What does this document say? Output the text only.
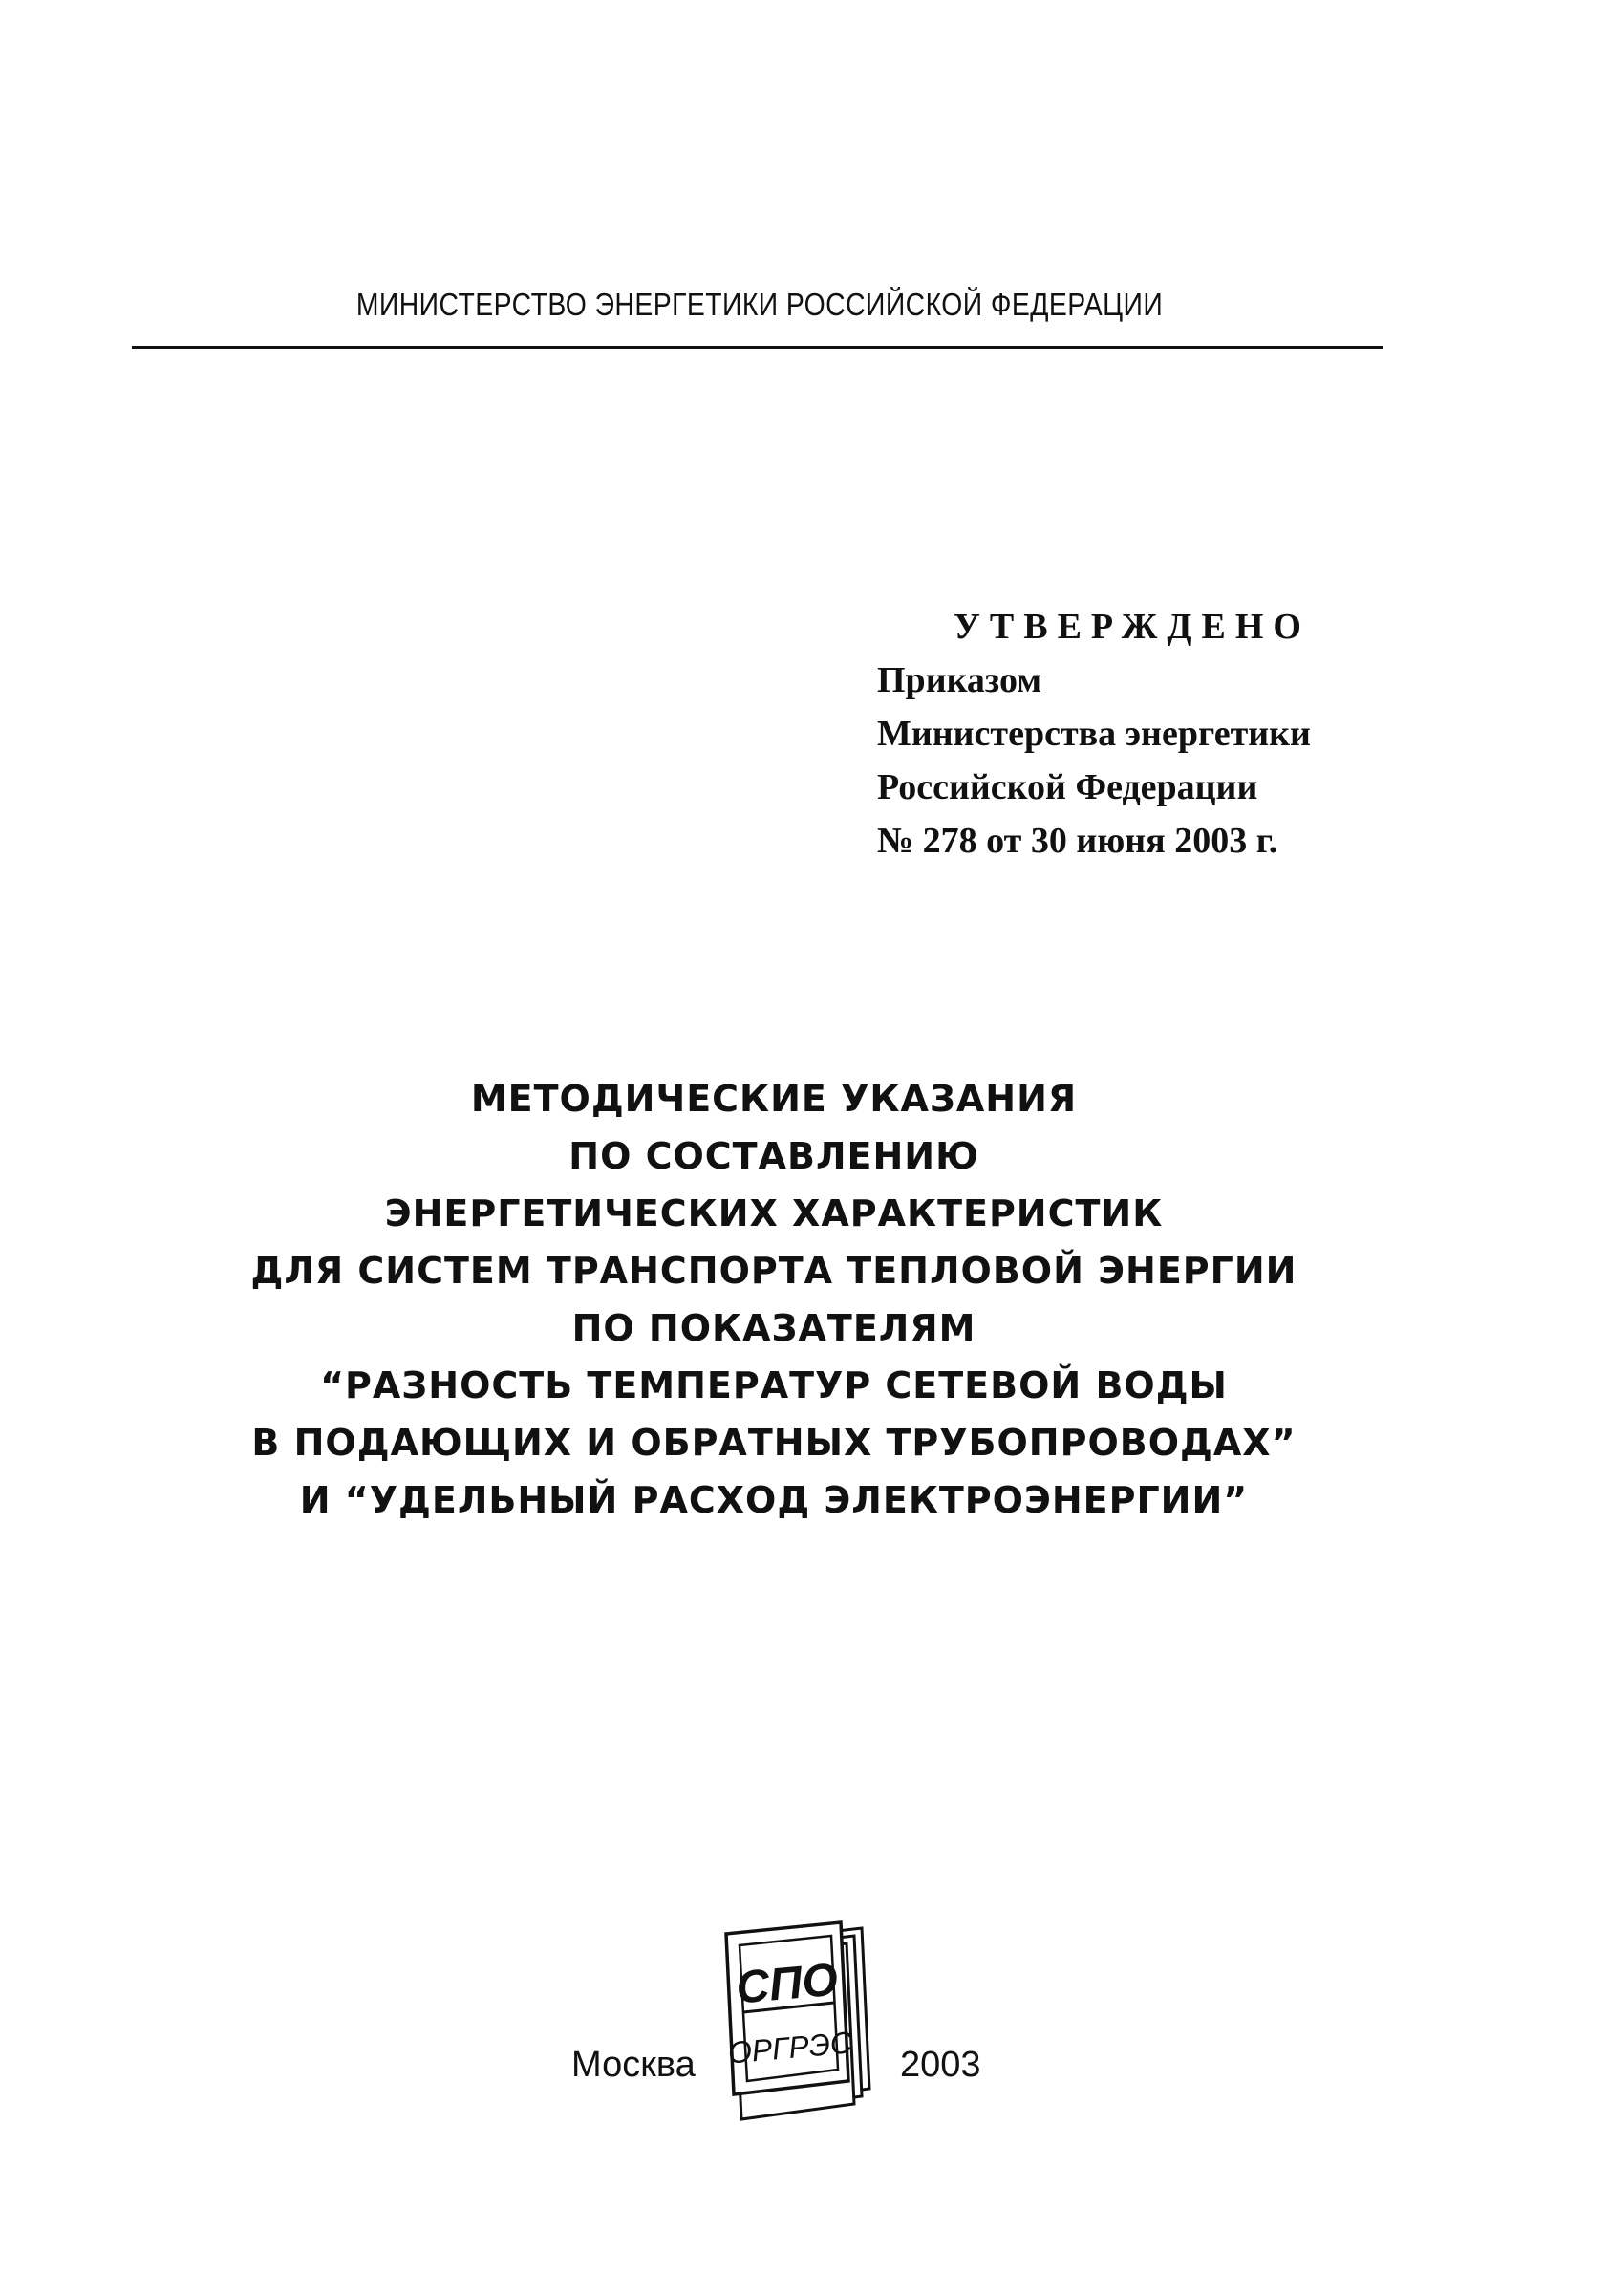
МИНИСТЕРСТВО ЭНЕРГЕТИКИ РОССИЙСКОЙ ФЕДЕРАЦИИ
УТВЕРЖДЕНО
Приказом
Министерства энергетики
Российской Федерации
№ 278 от 30 июня 2003 г.
МЕТОДИЧЕСКИЕ УКАЗАНИЯ
ПО СОСТАВЛЕНИЮ
ЭНЕРГЕТИЧЕСКИХ ХАРАКТЕРИСТИК
ДЛЯ СИСТЕМ ТРАНСПОРТА ТЕПЛОВОЙ ЭНЕРГИИ
ПО ПОКАЗАТЕЛЯМ
“РАЗНОСТЬ ТЕМПЕРАТУР СЕТЕВОЙ ВОДЫ
В ПОДАЮЩИХ И ОБРАТНЫХ ТРУБОПРОВОДАХ”
И “УДЕЛЬНЫЙ РАСХОД ЭЛЕКТРОЭНЕРГИИ”
Москва
СПО
ОРГРЭС 2003
